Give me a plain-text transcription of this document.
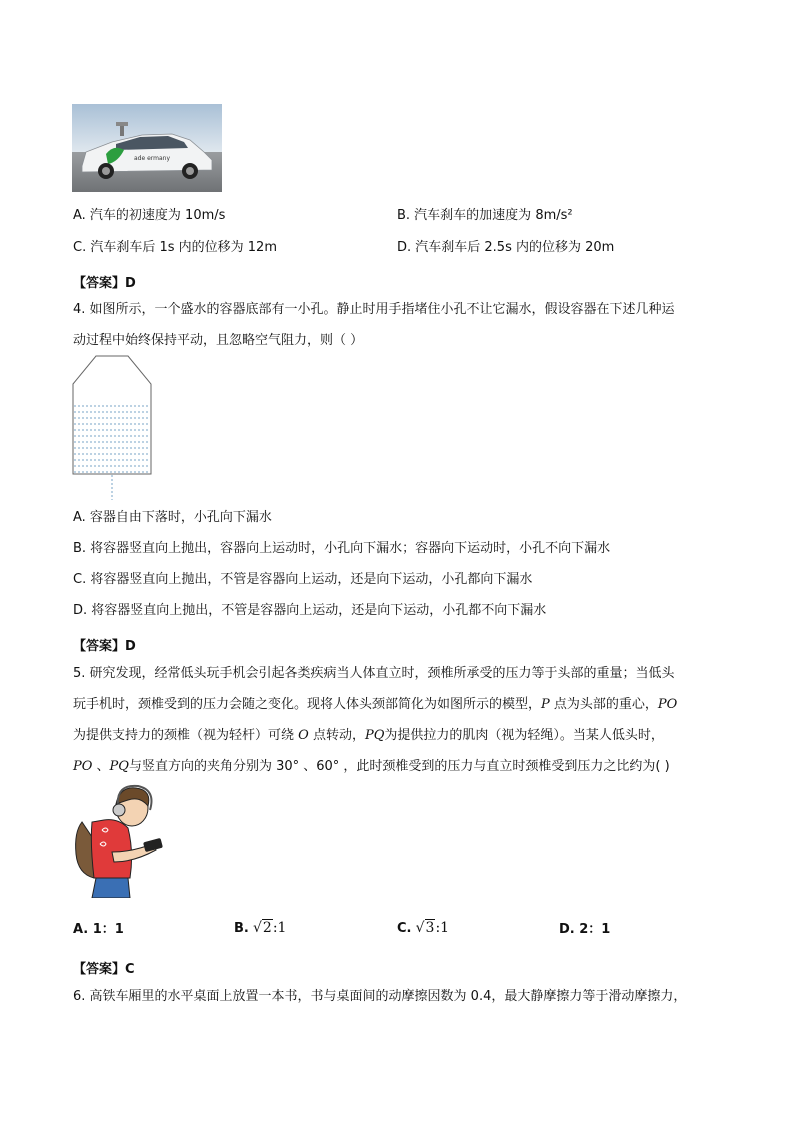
ade ermany
A. 汽车的初速度为 10m/s	B. 汽车刹车的加速度为 8m/s²
C. 汽车刹车后 1s 内的位移为 12m	D. 汽车刹车后 2.5s 内的位移为 20m
【答案】D
4. 如图所示，一个盛水的容器底部有一小孔。静止时用手指堵住小孔不让它漏水，假设容器在下述几种运
动过程中始终保持平动，且忽略空气阻力，则（ ）
A. 容器自由下落时，小孔向下漏水
B. 将容器竖直向上抛出，容器向上运动时，小孔向下漏水；容器向下运动时，小孔不向下漏水
C. 将容器竖直向上抛出，不管是容器向上运动，还是向下运动，小孔都向下漏水
D. 将容器竖直向上抛出，不管是容器向上运动，还是向下运动，小孔都不向下漏水
【答案】D
5. 研究发现，经常低头玩手机会引起各类疾病当人体直立时，颈椎所承受的压力等于头部的重量；当低头
玩手机时，颈椎受到的压力会随之变化。现将人体头颈部简化为如图所示的模型，P 点为头部的重心，PO
为提供支持力的颈椎（视为轻杆）可绕 O 点转动，PQ为提供拉力的肌肉（视为轻绳）。当某人低头时，
PO 、PQ与竖直方向的夹角分别为 30° 、60° ，此时颈椎受到的压力与直立时颈椎受到压力之比约为( )
A. 1：1	B. √2:1	C. √3:1	D. 2：1
【答案】C
6. 高铁车厢里的水平桌面上放置一本书，书与桌面间的动摩擦因数为 0.4，最大静摩擦力等于滑动摩擦力，
